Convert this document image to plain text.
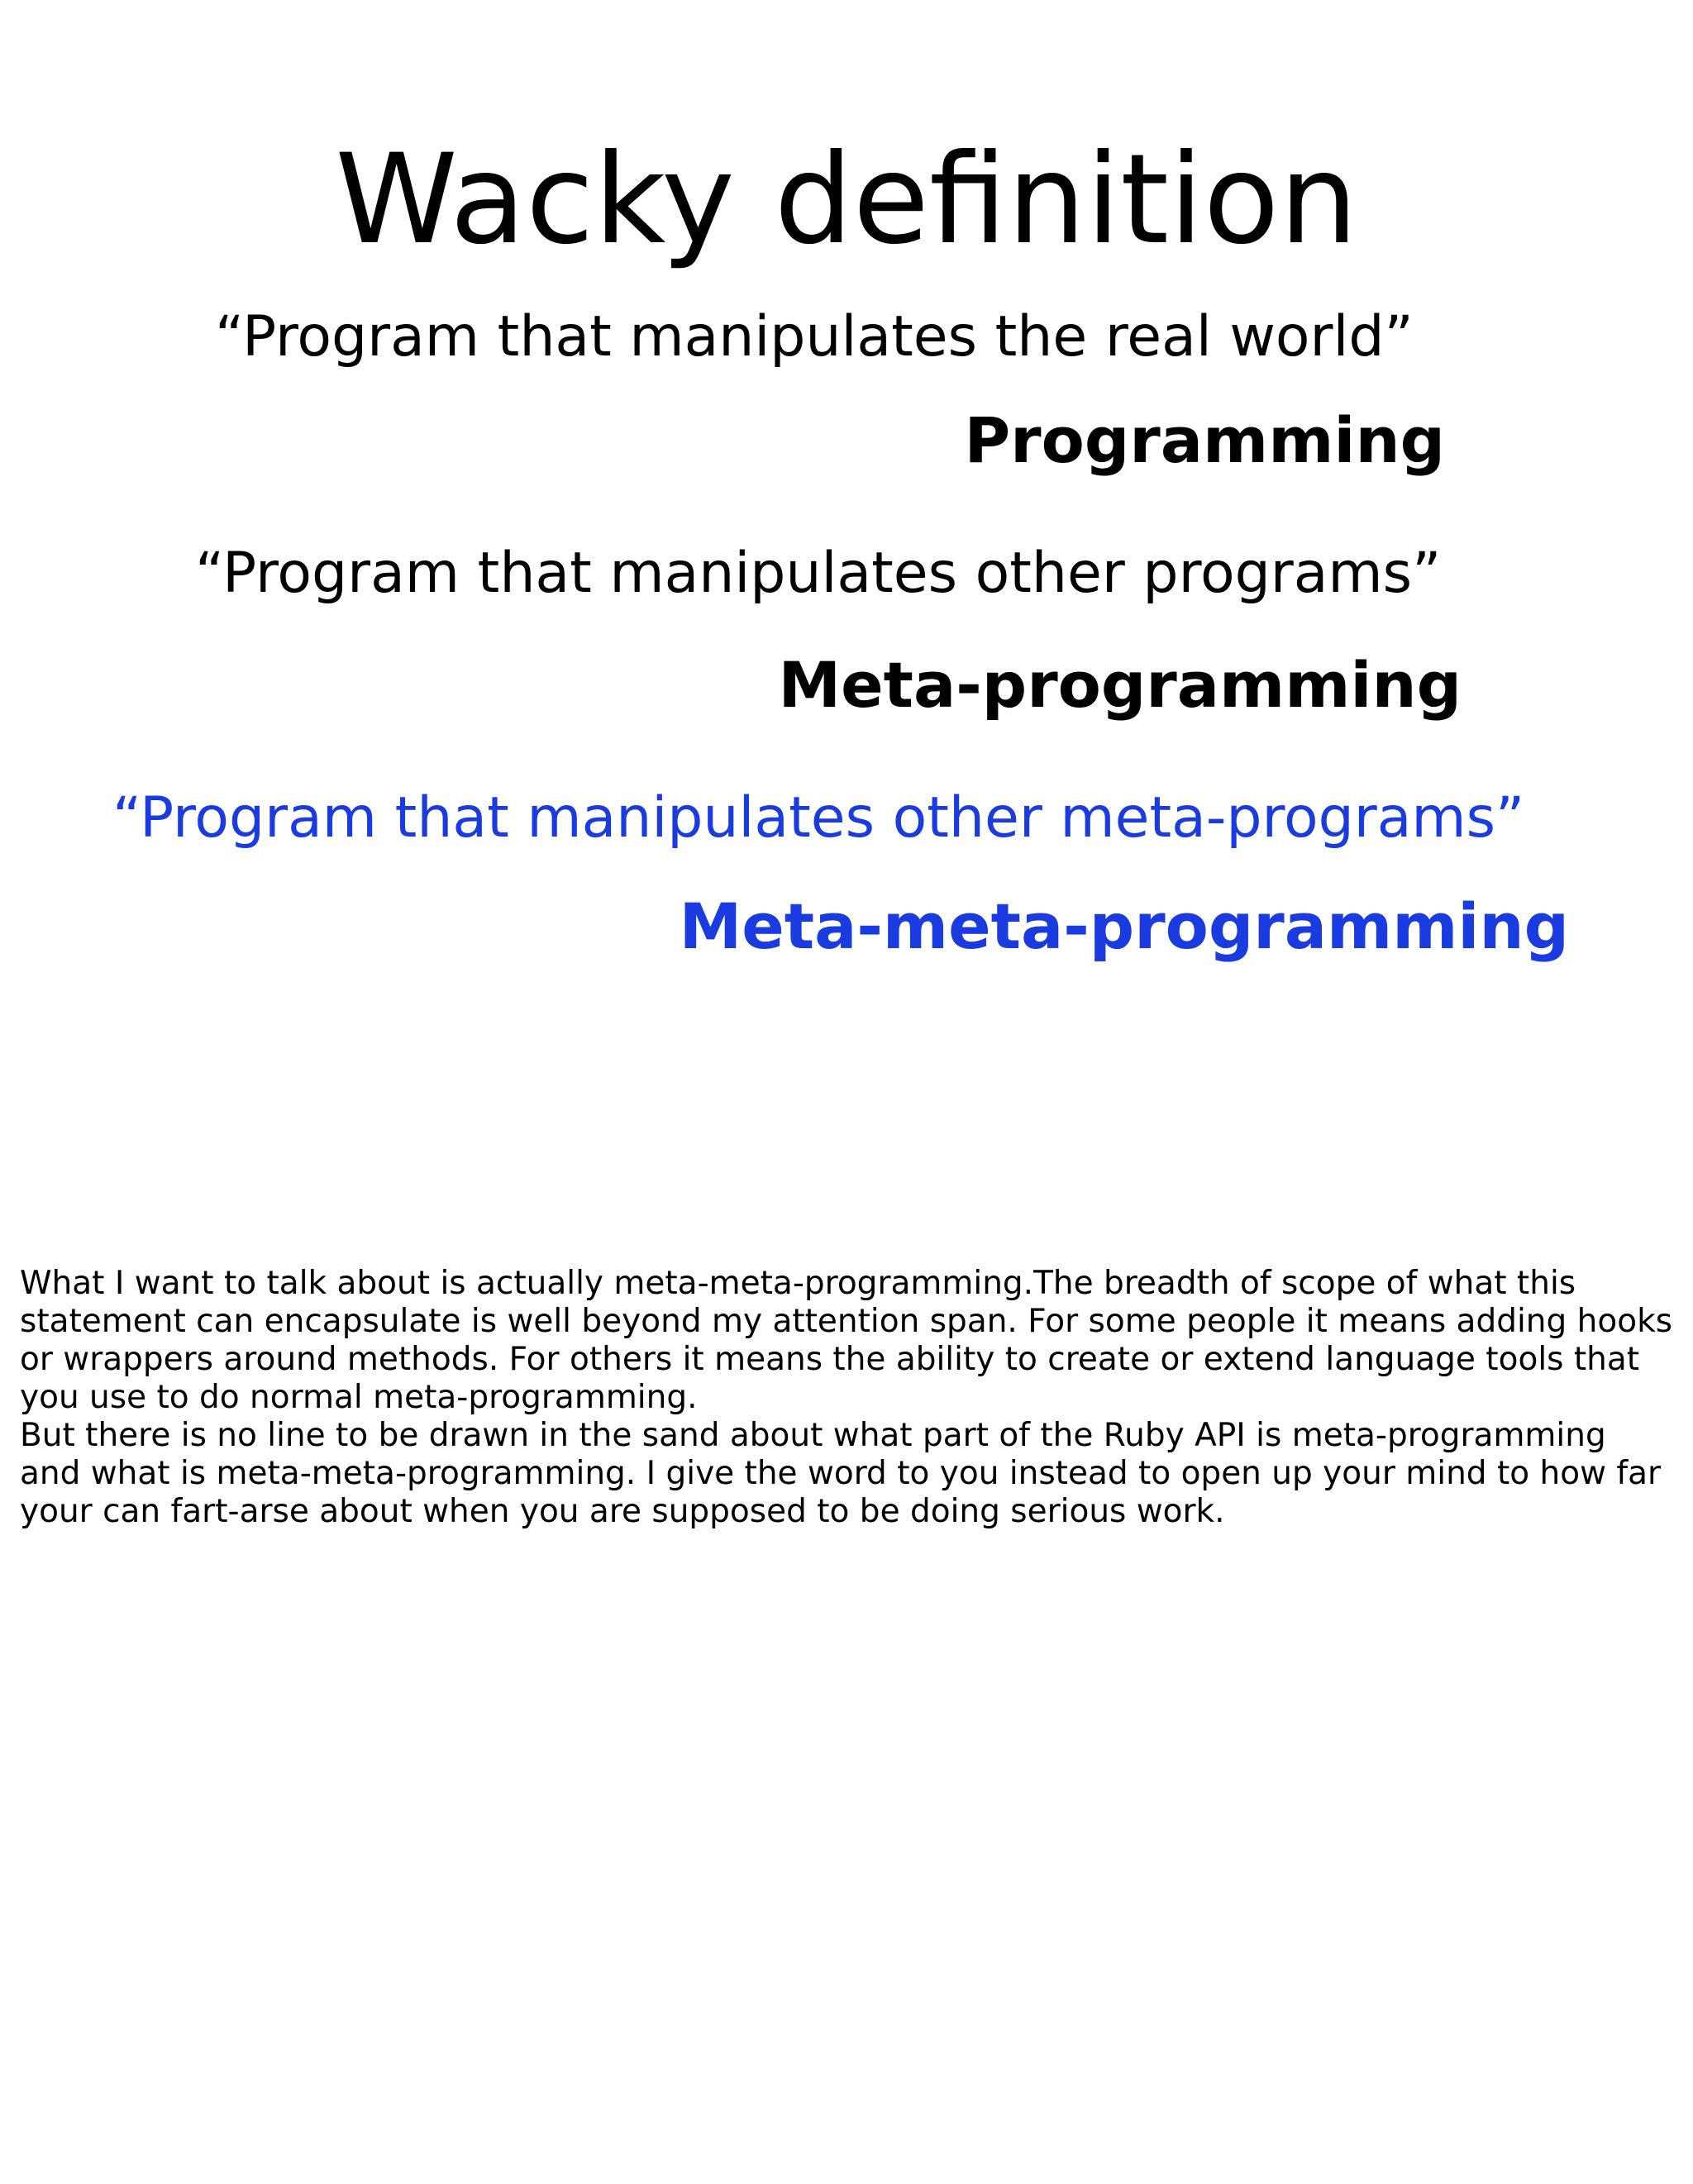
Wacky definition

“Program that manipulates the real world”

Programming

“Program that manipulates other programs”

Meta-programming

“Program that manipulates other meta-programs”

Meta-meta-programming

What I want to talk about is actually meta-meta-programming.The breadth of scope of what this statement can encapsulate is well beyond my attention span. For some people it means adding hooks or wrappers around methods. For others it means the ability to create or extend language tools that you use to do normal meta-programming.

But there is no line to be drawn in the sand about what part of the Ruby API is meta-programming and what is meta-meta-programming. I give the word to you instead to open up your mind to how far your can fart-arse about when you are supposed to be doing serious work.
